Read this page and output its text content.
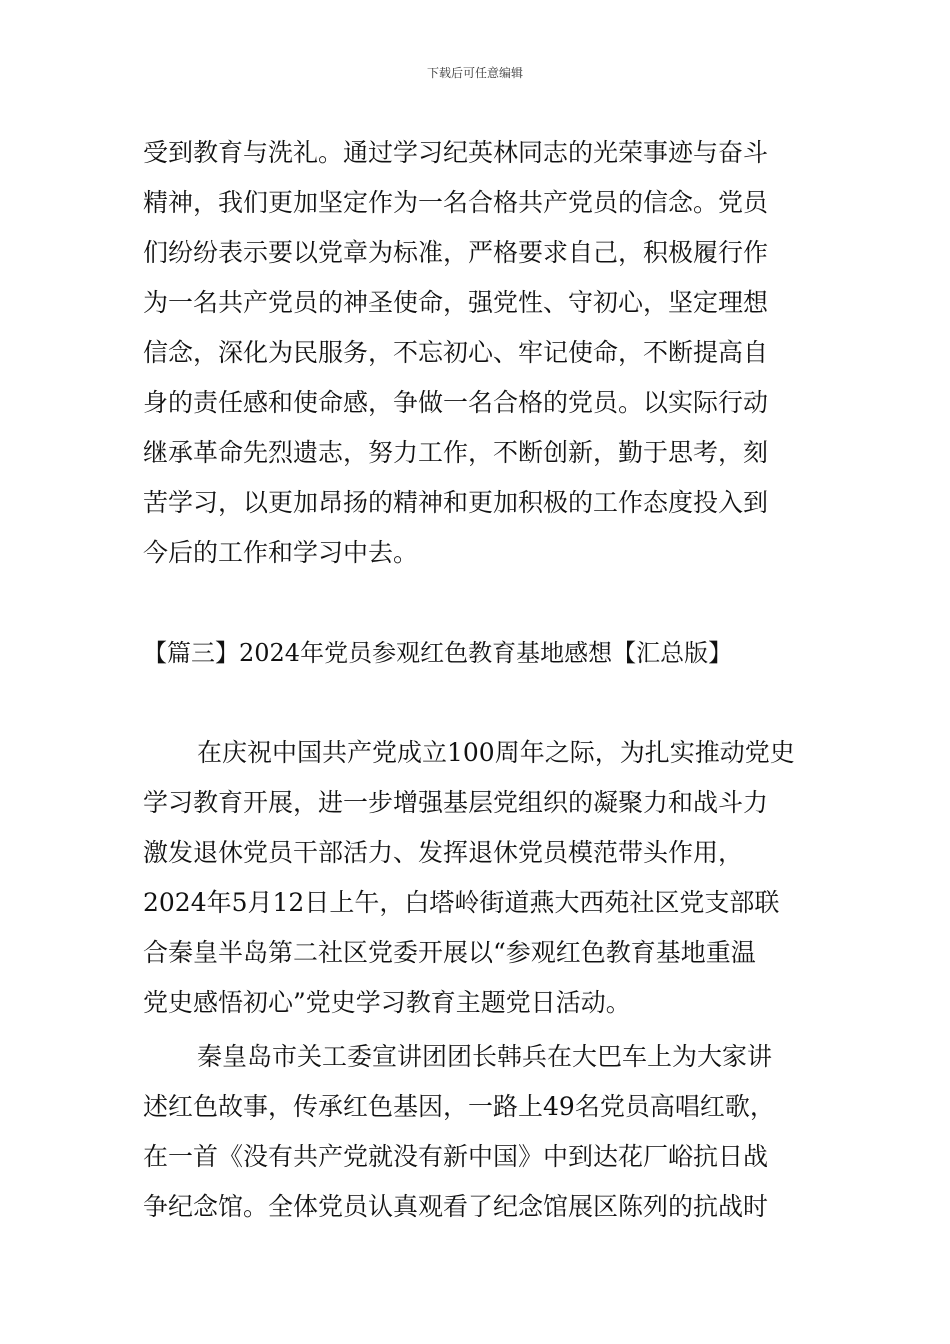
下载后可任意编辑
受到教育与洗礼。通过学习纪英林同志的光荣事迹与奋斗
精神，我们更加坚定作为一名合格共产党员的信念。党员
们纷纷表示要以党章为标准，严格要求自己，积极履行作
为一名共产党员的神圣使命，强党性、守初心，坚定理想
信念，深化为民服务，不忘初心、牢记使命，不断提高自
身的责任感和使命感，争做一名合格的党员。以实际行动
继承革命先烈遗志，努力工作，不断创新，勤于思考，刻
苦学习，以更加昂扬的精神和更加积极的工作态度投入到
今后的工作和学习中去。
【篇三】2024年党员参观红色教育基地感想【汇总版】
在庆祝中国共产党成立100周年之际，为扎实推动党史
学习教育开展，进一步增强基层党组织的凝聚力和战斗力
激发退休党员干部活力、发挥退休党员模范带头作用，
2024年5月12日上午，白塔岭街道燕大西苑社区党支部联
合秦皇半岛第二社区党委开展以“参观红色教育基地重温
党史感悟初心”党史学习教育主题党日活动。
秦皇岛市关工委宣讲团团长韩兵在大巴车上为大家讲
述红色故事，传承红色基因，一路上49名党员高唱红歌，
在一首《没有共产党就没有新中国》中到达花厂峪抗日战
争纪念馆。全体党员认真观看了纪念馆展区陈列的抗战时
